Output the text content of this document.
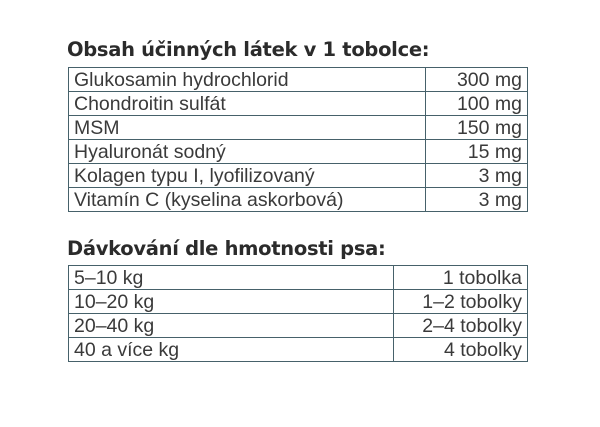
Obsah účinných látek v 1 tobolce:
Glukosamin hydrochlorid	300 mg
Chondroitin sulfát	100 mg
MSM	150 mg
Hyaluronát sodný	15 mg
Kolagen typu I, lyofilizovaný	3 mg
Vitamín C (kyselina askorbová)	3 mg
Dávkování dle hmotnosti psa:
5–10 kg	1 tobolka
10–20 kg	1–2 tobolky
20–40 kg	2–4 tobolky
40 a více kg	4 tobolky
